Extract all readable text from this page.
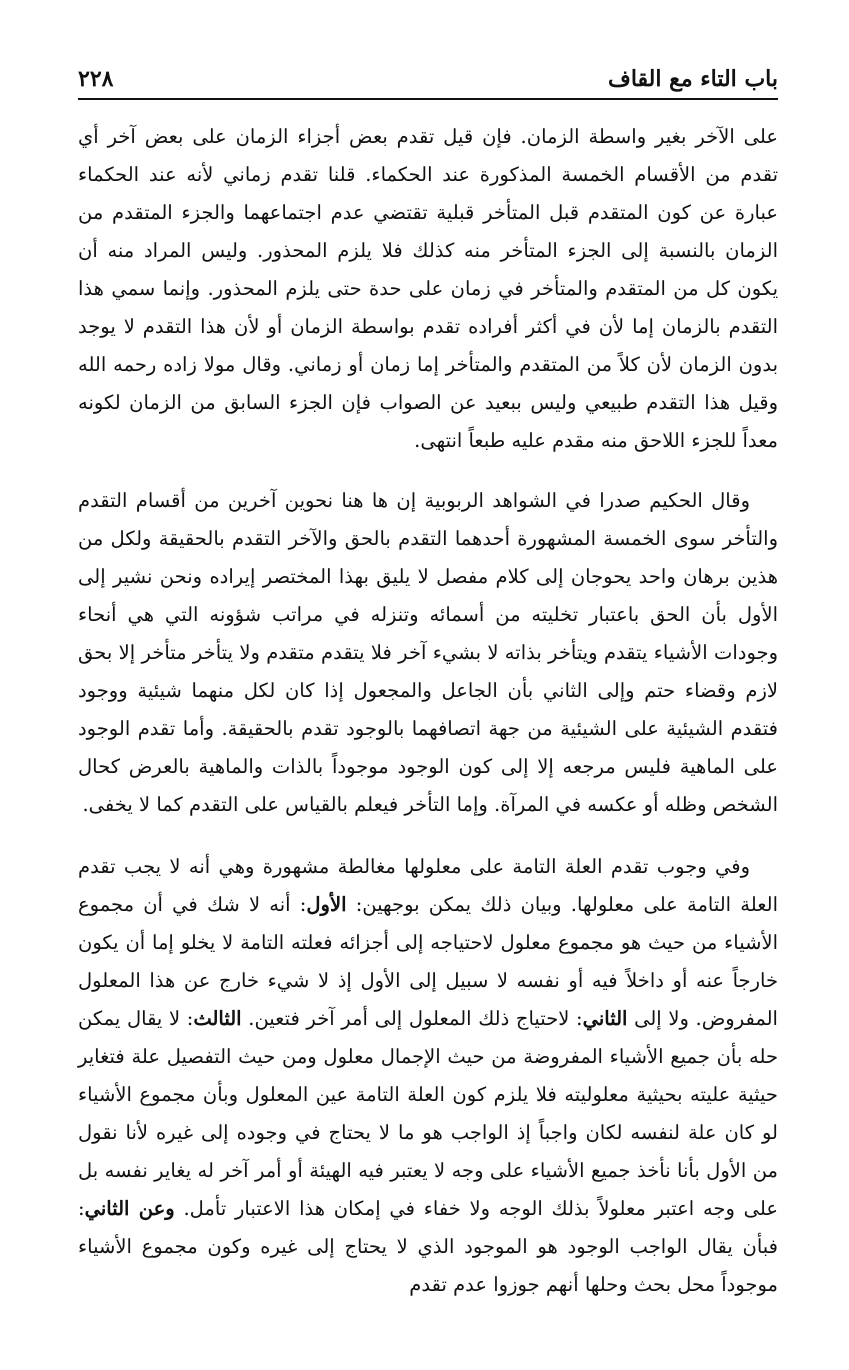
باب التاء مع القاف
٢٢٨

على الآخر بغير واسطة الزمان. فإن قيل تقدم بعض أجزاء الزمان على بعض آخر أي تقدم من الأقسام الخمسة المذكورة عند الحكماء. قلنا تقدم زماني لأنه عند الحكماء عبارة عن كون المتقدم قبل المتأخر قبلية تقتضي عدم اجتماعهما والجزء المتقدم من الزمان بالنسبة إلى الجزء المتأخر منه كذلك فلا يلزم المحذور. وليس المراد منه أن يكون كل من المتقدم والمتأخر في زمان على حدة حتى يلزم المحذور. وإنما سمي هذا التقدم بالزمان إما لأن في أكثر أفراده تقدم بواسطة الزمان أو لأن هذا التقدم لا يوجد بدون الزمان لأن كلاً من المتقدم والمتأخر إما زمان أو زماني. وقال مولا زاده رحمه الله وقيل هذا التقدم طبيعي وليس ببعيد عن الصواب فإن الجزء السابق من الزمان لكونه معداً للجزء اللاحق منه مقدم عليه طبعاً انتهى.

وقال الحكيم صدرا في الشواهد الربوبية إن ها هنا نحوين آخرين من أقسام التقدم والتأخر سوى الخمسة المشهورة أحدهما التقدم بالحق والآخر التقدم بالحقيقة ولكل من هذين برهان واحد يحوجان إلى كلام مفصل لا يليق بهذا المختصر إيراده ونحن نشير إلى الأول بأن الحق باعتبار تخليته من أسمائه وتنزله في مراتب شؤونه التي هي أنحاء وجودات الأشياء يتقدم ويتأخر بذاته لا بشيء آخر فلا يتقدم متقدم ولا يتأخر متأخر إلا بحق لازم وقضاء حتم وإلى الثاني بأن الجاعل والمجعول إذا كان لكل منهما شيئية ووجود فتقدم الشيئية على الشيئية من جهة اتصافهما بالوجود تقدم بالحقيقة. وأما تقدم الوجود على الماهية فليس مرجعه إلا إلى كون الوجود موجوداً بالذات والماهية بالعرض كحال الشخص وظله أو عكسه في المرآة. وإما التأخر فيعلم بالقياس على التقدم كما لا يخفى.

وفي وجوب تقدم العلة التامة على معلولها مغالطة مشهورة وهي أنه لا يجب تقدم العلة التامة على معلولها. وبيان ذلك يمكن بوجهين: الأول: أنه لا شك في أن مجموع الأشياء من حيث هو مجموع معلول لاحتياجه إلى أجزائه فعلته التامة لا يخلو إما أن يكون خارجاً عنه أو داخلاً فيه أو نفسه لا سبيل إلى الأول إذ لا شيء خارج عن هذا المعلول المفروض. ولا إلى الثاني: لاحتياج ذلك المعلول إلى أمر آخر فتعين. الثالث: لا يقال يمكن حله بأن جميع الأشياء المفروضة من حيث الإجمال معلول ومن حيث التفصيل علة فتغاير حيثية عليته بحيثية معلوليته فلا يلزم كون العلة التامة عين المعلول وبأن مجموع الأشياء لو كان علة لنفسه لكان واجباً إذ الواجب هو ما لا يحتاج في وجوده إلى غيره لأنا نقول من الأول بأنا نأخذ جميع الأشياء على وجه لا يعتبر فيه الهيئة أو أمر آخر له يغاير نفسه بل على وجه اعتبر معلولاً بذلك الوجه ولا خفاء في إمكان هذا الاعتبار تأمل. وعن الثاني: فبأن يقال الواجب الوجود هو الموجود الذي لا يحتاج إلى غيره وكون مجموع الأشياء موجوداً محل بحث وحلها أنهم جوزوا عدم تقدم
